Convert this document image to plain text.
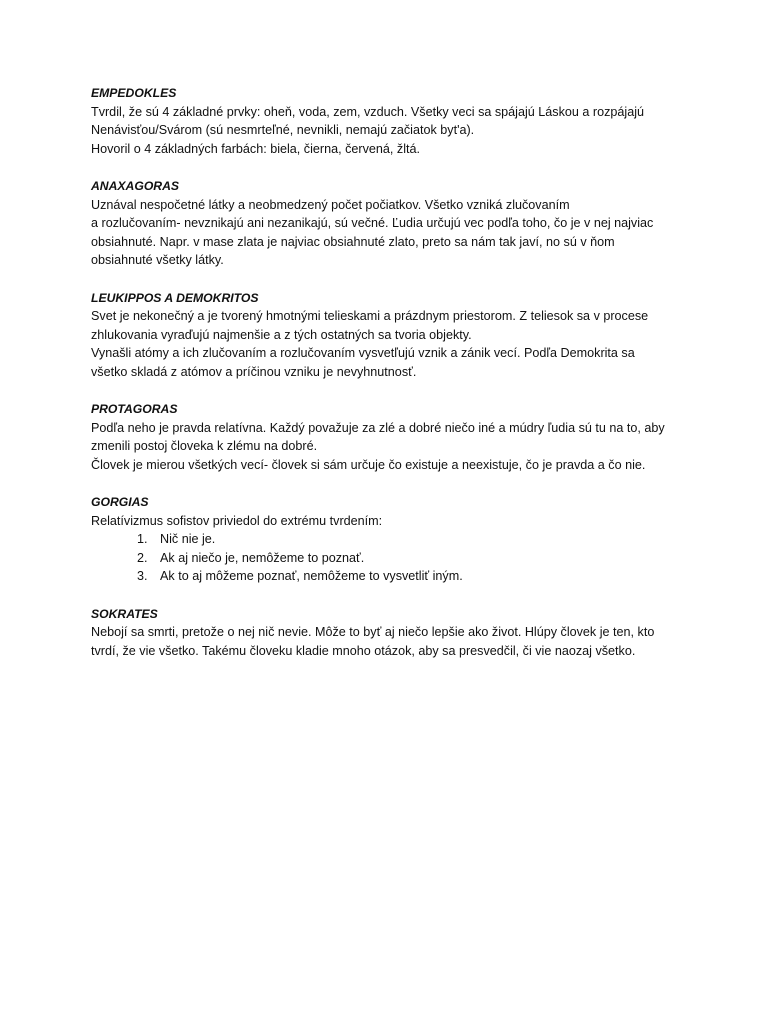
EMPEDOKLES

Tvrdil, že sú 4 základné prvky: oheň, voda, zem, vzduch. Všetky veci sa spájajú Láskou a rozpájajú

Nenávisťou/Svárom (sú nesmrteľné, nevnikli, nemajú začiatok byt'a).

Hovoril o 4 základných farbách: biela, čierna, červená, žltá.

ANAXAGORAS

Uznával nespočetné látky a neobmedzený počet počiatkov. Všetko vzniká zlučovaním

a rozlučovaním- nevznikajú ani nezanikajú, sú večné. Ľudia určujú vec podľa toho, čo je v nej najviac

obsiahnuté. Napr. v mase zlata je najviac obsiahnuté zlato, preto sa nám tak javí, no sú v ňom

obsiahnuté všetky látky.

LEUKIPPOS A DEMOKRITOS

Svet je nekonečný a je tvorený hmotnými telieskami a prázdnym priestorom. Z teliesok sa v procese

zhlukovania vyraďujú najmenšie a z tých ostatných sa tvoria objekty.

Vynašli atómy a ich zlučovaním a rozlučovaním vysvetľujú vznik a zánik vecí. Podľa Demokrita sa

všetko skladá z atómov a príčinou vzniku je nevyhnutnosť.

PROTAGORAS

Podľa neho je pravda relatívna. Každý považuje za zlé a dobré niečo iné a múdry ľudia sú tu na to, aby

zmenili postoj človeka k zlému na dobré.

Človek je mierou všetkých vecí- človek si sám určuje čo existuje a neexistuje, čo je pravda a čo nie.

GORGIAS

Relatívizmus sofistov priviedol do extrému tvrdením:

1. Nič nie je.
2. Ak aj niečo je, nemôžeme to poznať.
3. Ak to aj môžeme poznať, nemôžeme to vysvetliť iným.

SOKRATES

Nebojí sa smrti, pretože o nej nič nevie. Môže to byť aj niečo lepšie ako život. Hlúpy človek je ten, kto

tvrdí, že vie všetko. Takému človeku kladie mnoho otázok, aby sa presvedčil, či vie naozaj všetko.
